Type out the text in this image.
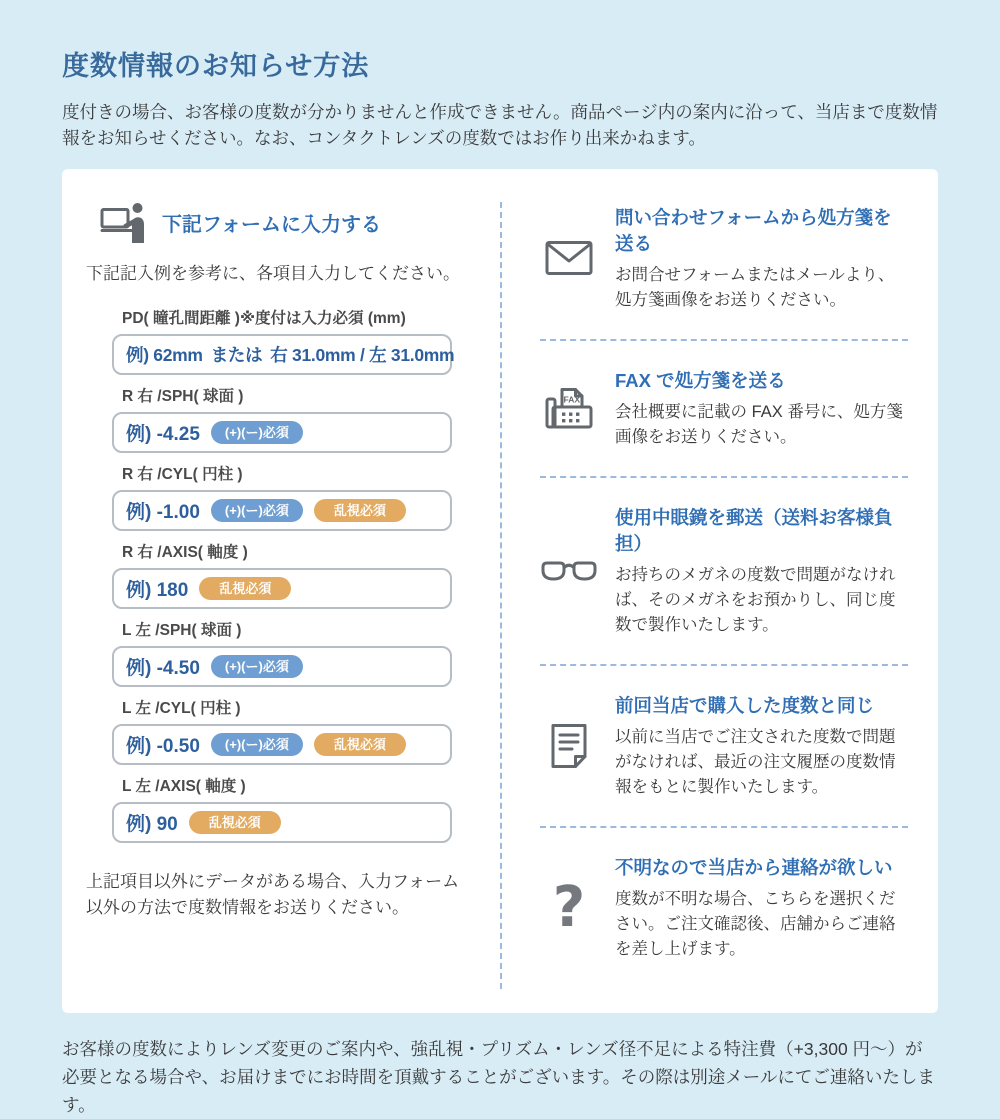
度数情報のお知らせ方法
度付きの場合、お客様の度数が分かりませんと作成できません。商品ページ内の案内に沿って、当店まで度数情報をお知らせください。なお、コンタクトレンズの度数ではお作り出来かねます。
下記フォームに入力する
下記記入例を参考に、各項目入力してください。
PD( 瞳孔間距離 )※度付は入力必須 (mm)
例) 62mm または 右 31.0mm / 左 31.0mm
R 右 /SPH( 球面 )
例) -4.25	(+)(ー)必須
R 右 /CYL( 円柱 )
例) -1.00	(+)(ー)必須	乱視必須
R 右 /AXIS( 軸度 )
例) 180	乱視必須
L 左 /SPH( 球面 )
例) -4.50	(+)(ー)必須
L 左 /CYL( 円柱 )
例) -0.50	(+)(ー)必須	乱視必須
L 左 /AXIS( 軸度 )
例) 90	乱視必須
上記項目以外にデータがある場合、入力フォーム以外の方法で度数情報をお送りください。
問い合わせフォームから処方箋を送る
お問合せフォームまたはメールより、処方箋画像をお送りください。
FAX
FAX で処方箋を送る
会社概要に記載の FAX 番号に、処方箋画像をお送りください。
使用中眼鏡を郵送（送料お客様負担）
お持ちのメガネの度数で問題がなければ、そのメガネをお預かりし、同じ度数で製作いたします。
前回当店で購入した度数と同じ
以前に当店でご注文された度数で問題がなければ、最近の注文履歴の度数情報をもとに製作いたします。
?
不明なので当店から連絡が欲しい
度数が不明な場合、こちらを選択ください。ご注文確認後、店舗からご連絡を差し上げます。
お客様の度数によりレンズ変更のご案内や、強乱視・プリズム・レンズ径不足による特注費（+3,300 円～）が必要となる場合や、お届けまでにお時間を頂戴することがございます。その際は別途メールにてご連絡いたします。
